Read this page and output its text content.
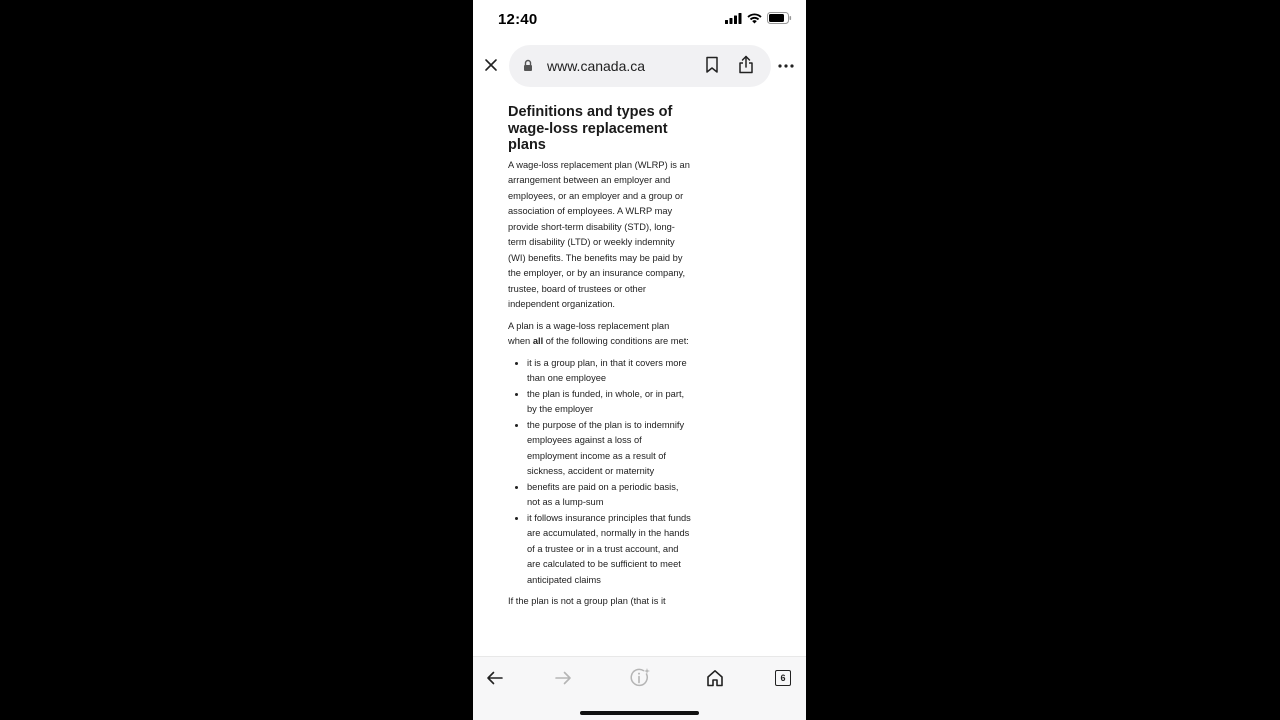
12:40
www.canada.ca
Definitions and types of wage-loss replacement plans

A wage-loss replacement plan (WLRP) is an arrangement between an employer and employees, or an employer and a group or association of employees. A WLRP may provide short-term disability (STD), long-term disability (LTD) or weekly indemnity (WI) benefits. The benefits may be paid by the employer, or by an insurance company, trustee, board of trustees or other independent organization.

A plan is a wage-loss replacement plan when all of the following conditions are met:

• it is a group plan, in that it covers more than one employee
• the plan is funded, in whole, or in part, by the employer
• the purpose of the plan is to indemnify employees against a loss of employment income as a result of sickness, accident or maternity
• benefits are paid on a periodic basis, not as a lump-sum
• it follows insurance principles that funds are accumulated, normally in the hands of a trustee or in a trust account, and are calculated to be sufficient to meet anticipated claims

If the plan is not a group plan (that is it

6
